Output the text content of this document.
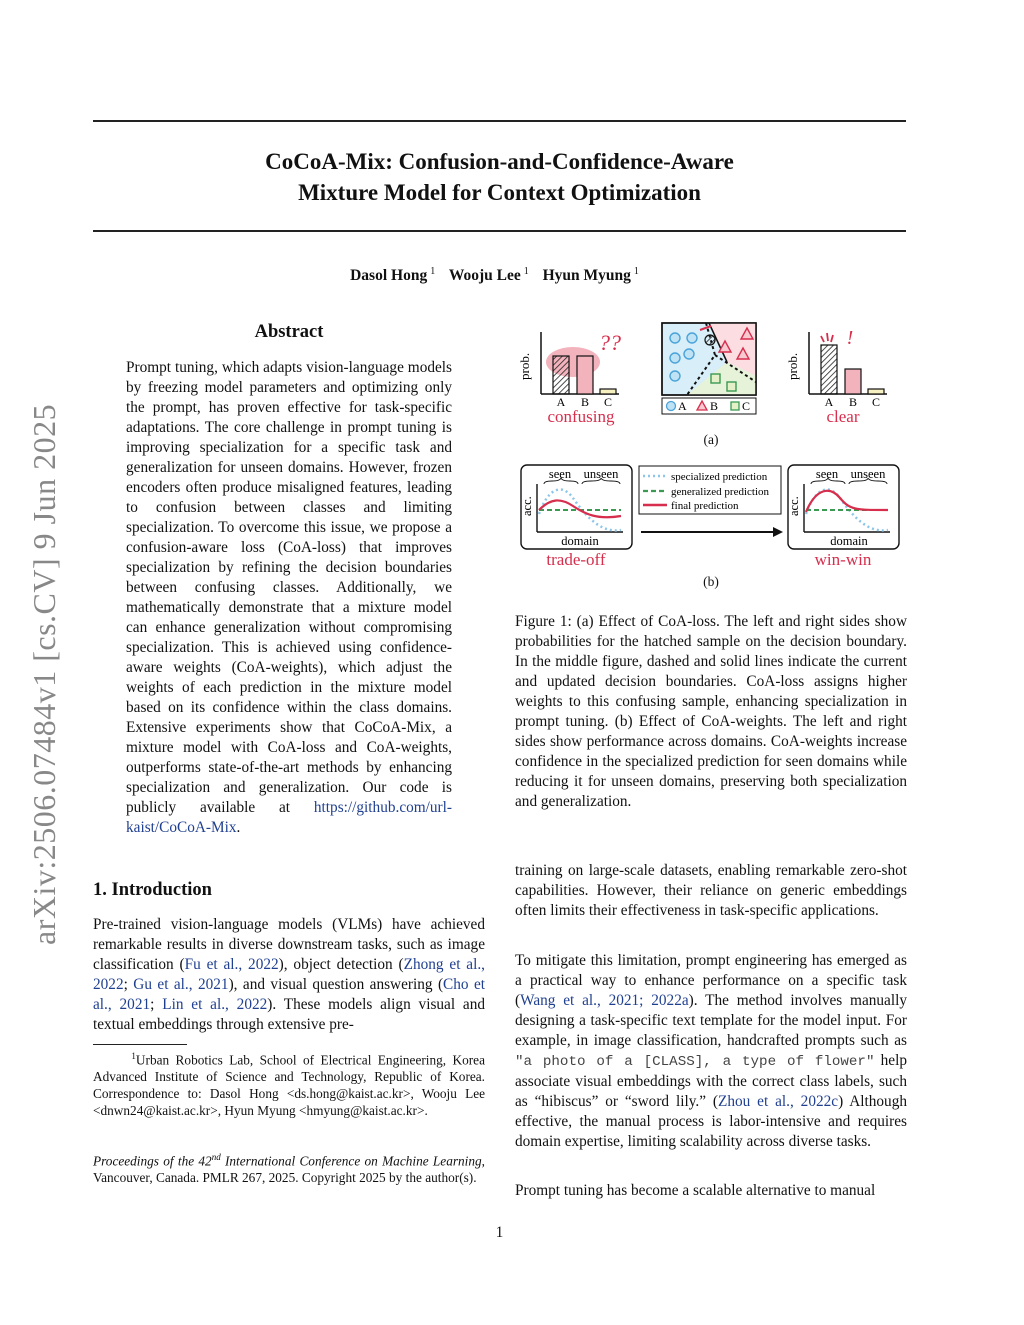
CoCoA-Mix: Confusion-and-Confidence-Aware
Mixture Model for Context Optimization
Dasol Hong $^1$ Wooju Lee $^1$ Hyun Myung $^1$
arXiv:2506.07484v1 [cs.CV] 9 Jun 2025
Abstract
Prompt tuning, which adapts vision-language models by freezing model parameters and optimizing only the prompt, has proven effective for task-specific adaptations. The core challenge in prompt tuning is improving specialization for a specific task and generalization for unseen domains. However, frozen encoders often produce misaligned features, leading to confusion between classes and limiting specialization. To overcome this issue, we propose a confusion-aware loss (CoA-loss) that improves specialization by refining the decision boundaries between confusing classes. Additionally, we mathematically demonstrate that a mixture model can enhance generalization without compromising specialization. This is achieved using confidence-aware weights (CoA-weights), which adjust the weights of each prediction in the mixture model based on its confidence within the class domains. Extensive experiments show that CoCoA-Mix, a mixture model with CoA-loss and CoA-weights, outperforms state-of-the-art methods by enhancing specialization and generalization. Our code is publicly available at https://github.com/url-kaist/CoCoA-Mix.
1. Introduction
Pre-trained vision-language models (VLMs) have achieved remarkable results in diverse downstream tasks, such as image classification (Fu et al., 2022), object detection (Zhong et al., 2022; Gu et al., 2021), and visual question answering (Cho et al., 2021; Lin et al., 2022). These models align visual and textual embeddings through extensive pre-
$^1$Urban Robotics Lab, School of Electrical Engineering, Korea Advanced Institute of Science and Technology, Republic of Korea. Correspondence to: Dasol Hong <ds.hong@kaist.ac.kr>, Wooju Lee <dnwn24@kaist.ac.kr>, Hyun Myung <hmyung@kaist.ac.kr>.
Proceedings of the 42nd International Conference on Machine Learning, Vancouver, Canada. PMLR 267, 2025. Copyright 2025 by the author(s).
prob.
A B C
??
confusing
A B C
prob.
A B C
!
clear
(a)
seen unseen
acc.
domain
trade-off
specialized prediction
generalized prediction
final prediction
seen unseen
acc.
domain
win-win
(b)
Figure 1: (a) Effect of CoA-loss. The left and right sides show probabilities for the hatched sample on the decision boundary. In the middle figure, dashed and solid lines indicate the current and updated decision boundaries. CoA-loss assigns higher weights to this confusing sample, enhancing specialization in prompt tuning. (b) Effect of CoA-weights. The left and right sides show performance across domains. CoA-weights increase confidence in the specialized prediction for seen domains while reducing it for unseen domains, preserving both specialization and generalization.
training on large-scale datasets, enabling remarkable zero-shot capabilities. However, their reliance on generic embeddings often limits their effectiveness in task-specific applications.
To mitigate this limitation, prompt engineering has emerged as a practical way to enhance performance on a specific task (Wang et al., 2021; 2022a). The method involves manually designing a task-specific text template for the model input. For example, in image classification, handcrafted prompts such as "a photo of a [CLASS], a type of flower" help associate visual embeddings with the correct class labels, such as “hibiscus” or “sword lily.” (Zhou et al., 2022c) Although effective, the manual process is labor-intensive and requires domain expertise, limiting scalability across diverse tasks.
Prompt tuning has become a scalable alternative to manual
1
